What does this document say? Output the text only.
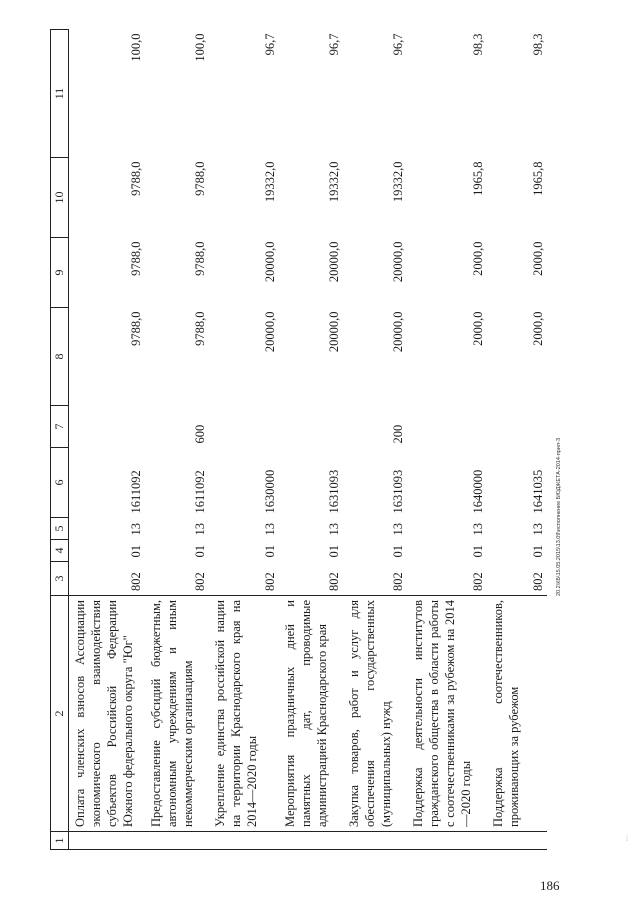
1	2	3	4	5	6	7	8	9	10	11
	Оплата членских взносов Ассоциации экономического взаимодействия субъектов Российской Федерации Южного федерального округа "Юг"	802	01	13	1611092		9788,0	9788,0	9788,0	100,0
	Предоставление субсидий бюджетным, автономным учреждениям и иным некоммерческим организациям	802	01	13	1611092	600	9788,0	9788,0	9788,0	100,0
	Укрепление единства российской нации на территории Краснодарского края на 2014—2020 годы	802	01	13	1630000		20000,0	20000,0	19332,0	96,7
	Мероприятия праздничных дней и памятных дат, проводимые администрацией Краснодарского края	802	01	13	1631093		20000,0	20000,0	19332,0	96,7
	Закупка товаров, работ и услуг для обеспечения государственных (муниципальных) нужд	802	01	13	1631093	200	20000,0	20000,0	19332,0	96,7
	Поддержка деятельности институтов гражданского общества в области работы с соотечественниками за рубежом на 2014—2020 годы	802	01	13	1640000		2000,0	2000,0	1965,8	98,3
	Поддержка соотечественников, проживающих за рубежом	802	01	13	1641035		2000,0	2000,0	1965,8	98,3
20.2\КБ\15.05.2015\13.09\исполнение БЮДЖЕТА-2014-прил-3
186
⁞
